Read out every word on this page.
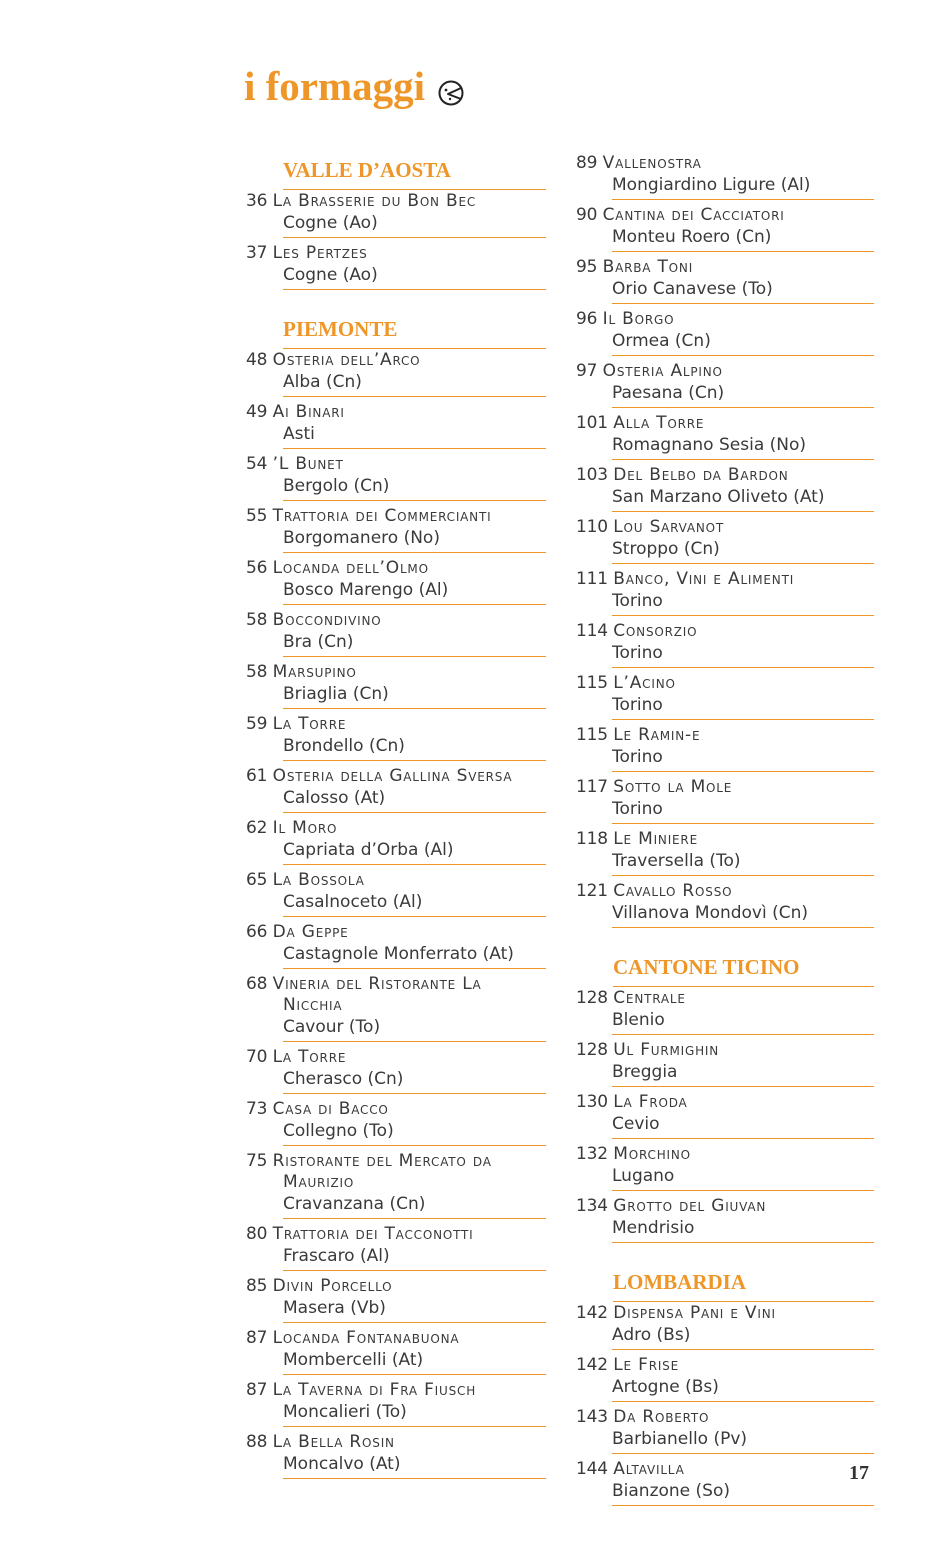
i formaggi
VALLE D’AOSTA
36 La Brasserie du Bon Bec
Cogne (Ao)
37 Les Pertzes
Cogne (Ao)
PIEMONTE
48 Osteria dell’Arco
Alba (Cn)
49 Ai Binari
Asti
54 ’L Bunet
Bergolo (Cn)
55 Trattoria dei Commercianti
Borgomanero (No)
56 Locanda dell’Olmo
Bosco Marengo (Al)
58 Boccondivino
Bra (Cn)
58 Marsupino
Briaglia (Cn)
59 La Torre
Brondello (Cn)
61 Osteria della Gallina Sversa
Calosso (At)
62 Il Moro
Capriata d’Orba (Al)
65 La Bossola
Casalnoceto (Al)
66 Da Geppe
Castagnole Monferrato (At)
68 Vineria del Ristorante La
Nicchia
Cavour (To)
70 La Torre
Cherasco (Cn)
73 Casa di Bacco
Collegno (To)
75 Ristorante del Mercato da
Maurizio
Cravanzana (Cn)
80 Trattoria dei Tacconotti
Frascaro (Al)
85 Divin Porcello
Masera (Vb)
87 Locanda Fontanabuona
Mombercelli (At)
87 La Taverna di Fra Fiusch
Moncalieri (To)
88 La Bella Rosin
Moncalvo (At)
89 Vallenostra
Mongiardino Ligure (Al)
90 Cantina dei Cacciatori
Monteu Roero (Cn)
95 Barba Toni
Orio Canavese (To)
96 Il Borgo
Ormea (Cn)
97 Osteria Alpino
Paesana (Cn)
101 Alla Torre
Romagnano Sesia (No)
103 Del Belbo da Bardon
San Marzano Oliveto (At)
110 Lou Sarvanot
Stroppo (Cn)
111 Banco, Vini e Alimenti
Torino
114 Consorzio
Torino
115 L’Acino
Torino
115 Le Ramin-e
Torino
117 Sotto la Mole
Torino
118 Le Miniere
Traversella (To)
121 Cavallo Rosso
Villanova Mondovì (Cn)
CANTONE TICINO
128 Centrale
Blenio
128 Ul Furmighin
Breggia
130 La Froda
Cevio
132 Morchino
Lugano
134 Grotto del Giuvan
Mendrisio
LOMBARDIA
142 Dispensa Pani e Vini
Adro (Bs)
142 Le Frise
Artogne (Bs)
143 Da Roberto
Barbianello (Pv)
144 Altavilla
Bianzone (So)
17
